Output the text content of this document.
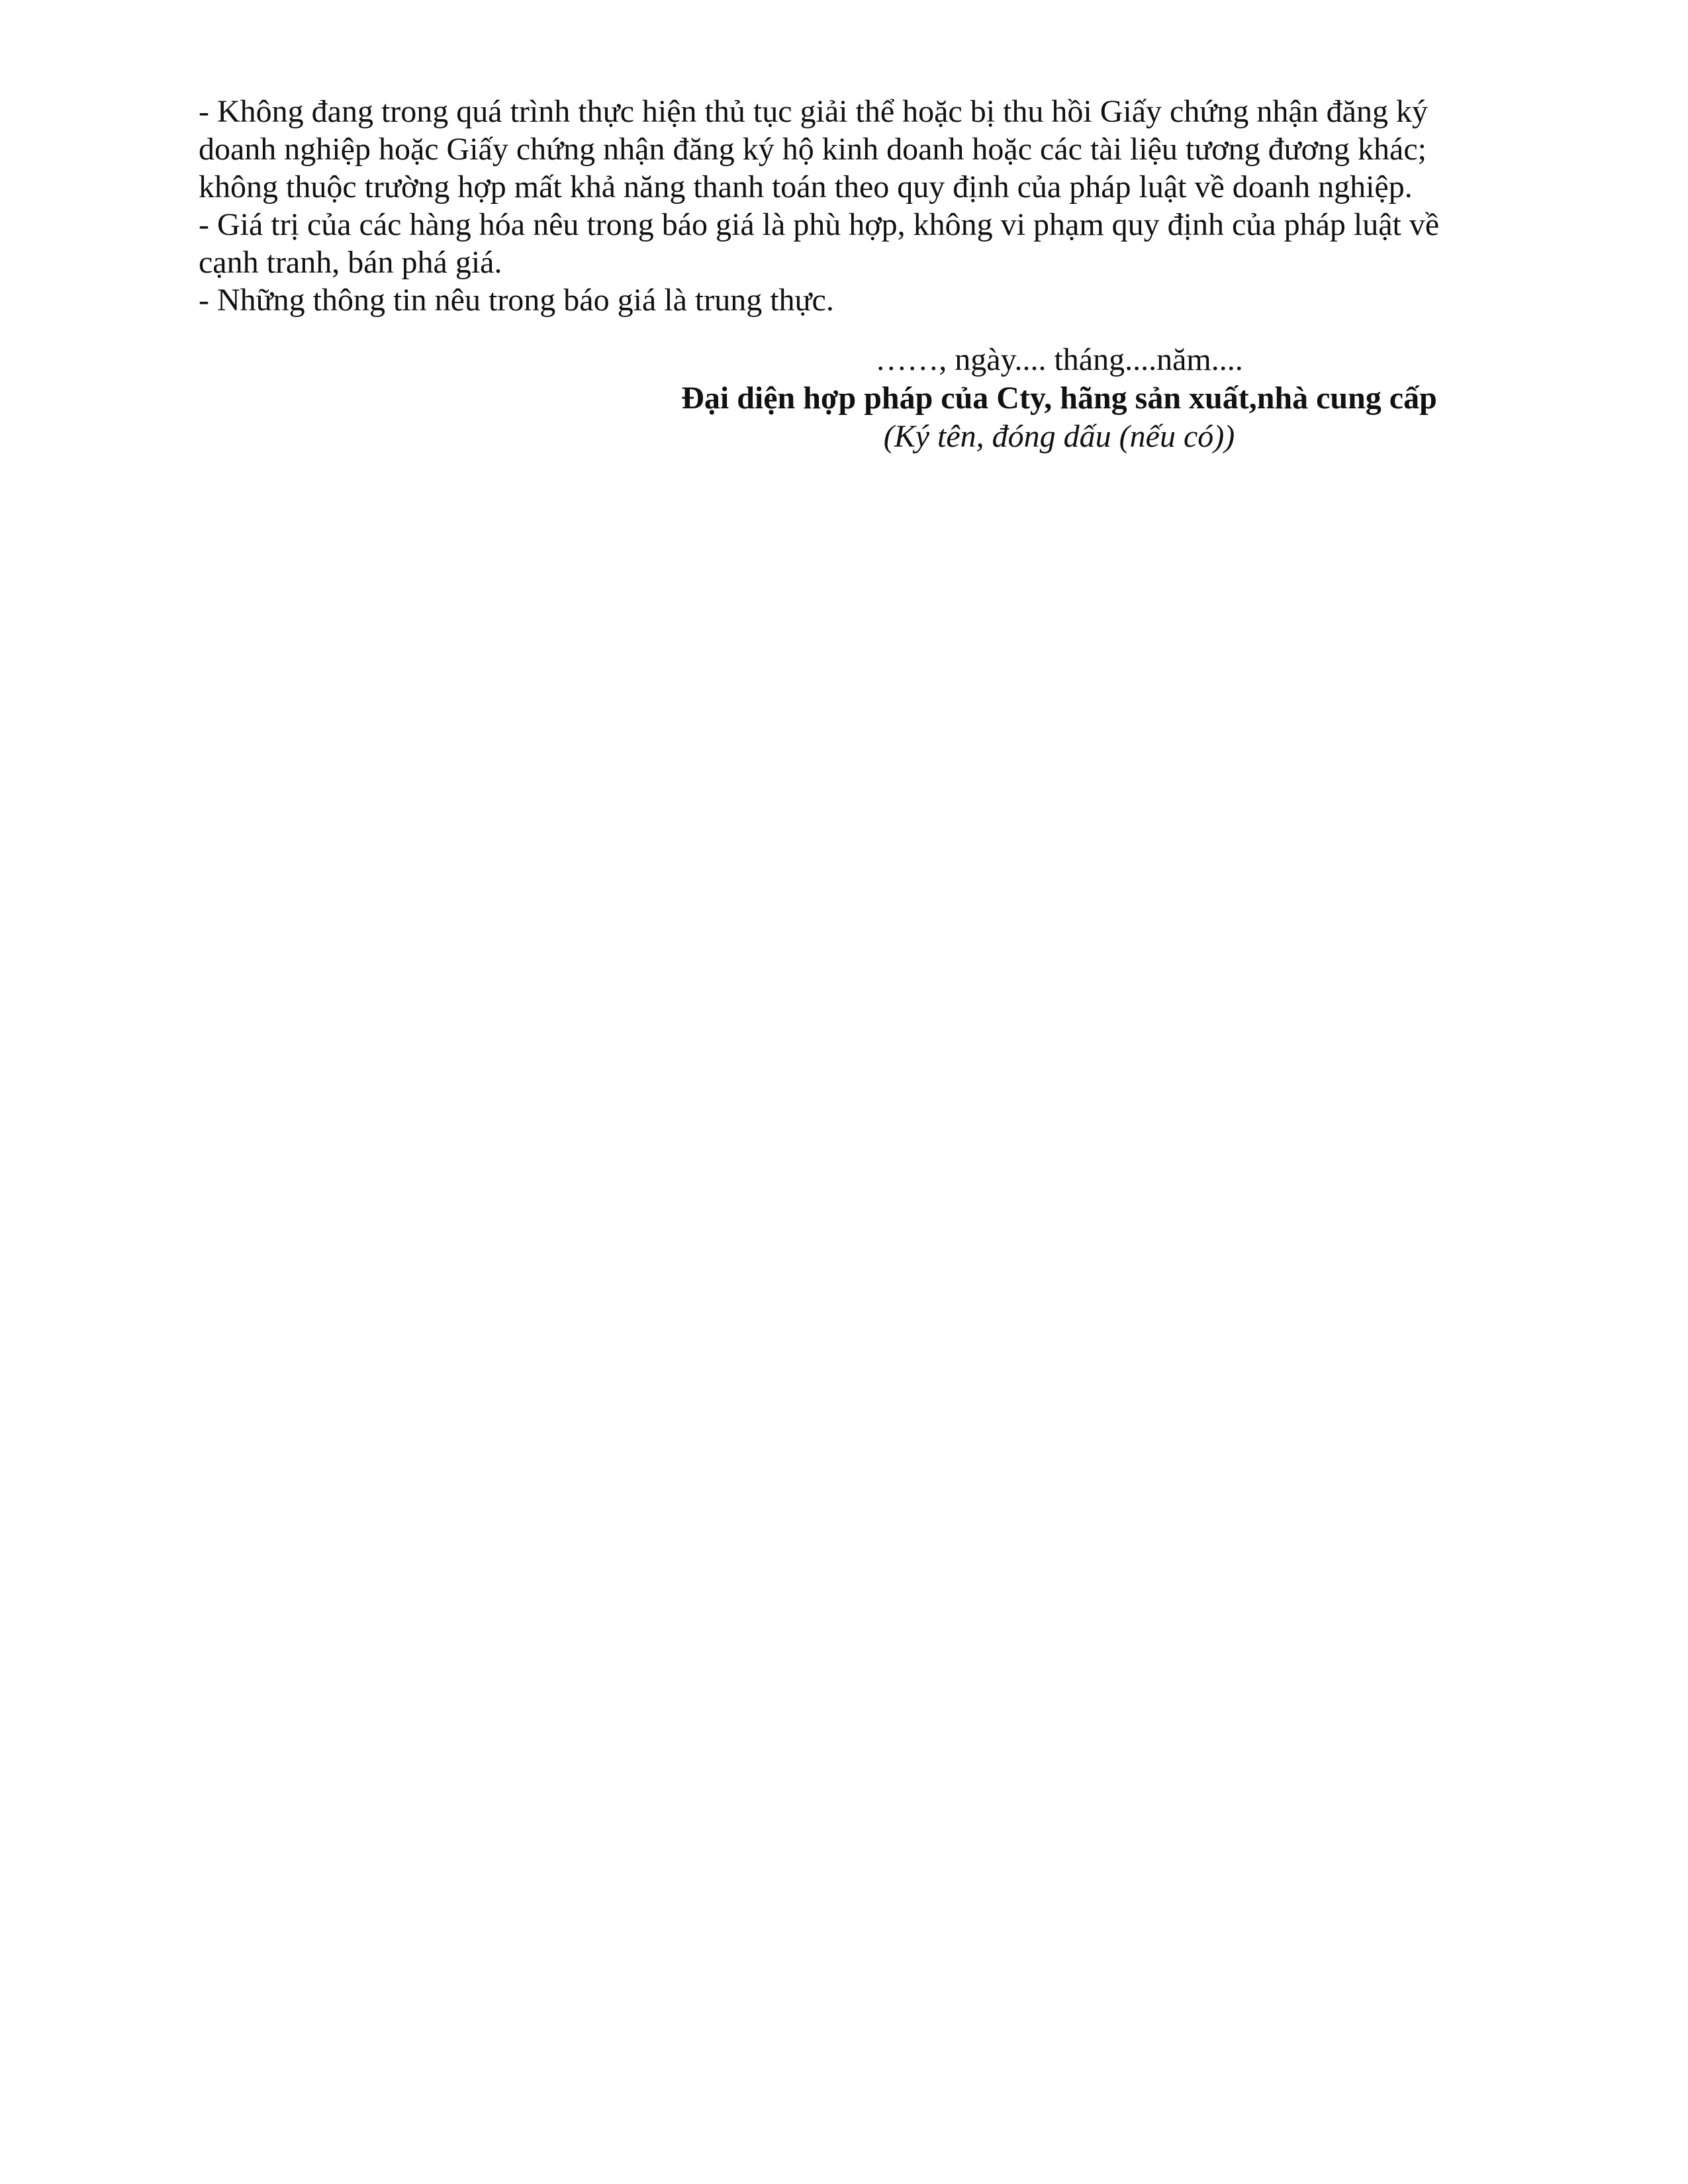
- Không đang trong quá trình thực hiện thủ tục giải thể hoặc bị thu hồi Giấy chứng nhận đăng ký

doanh nghiệp hoặc Giấy chứng nhận đăng ký hộ kinh doanh hoặc các tài liệu tương đương khác;

không thuộc trường hợp mất khả năng thanh toán theo quy định của pháp luật về doanh nghiệp.

- Giá trị của các hàng hóa nêu trong báo giá là phù hợp, không vi phạm quy định của pháp luật về

cạnh tranh, bán phá giá.

- Những thông tin nêu trong báo giá là trung thực.

……, ngày.... tháng....năm....
Đại diện hợp pháp của Cty, hãng sản xuất,nhà cung cấp
(Ký tên, đóng dấu (nếu có))
